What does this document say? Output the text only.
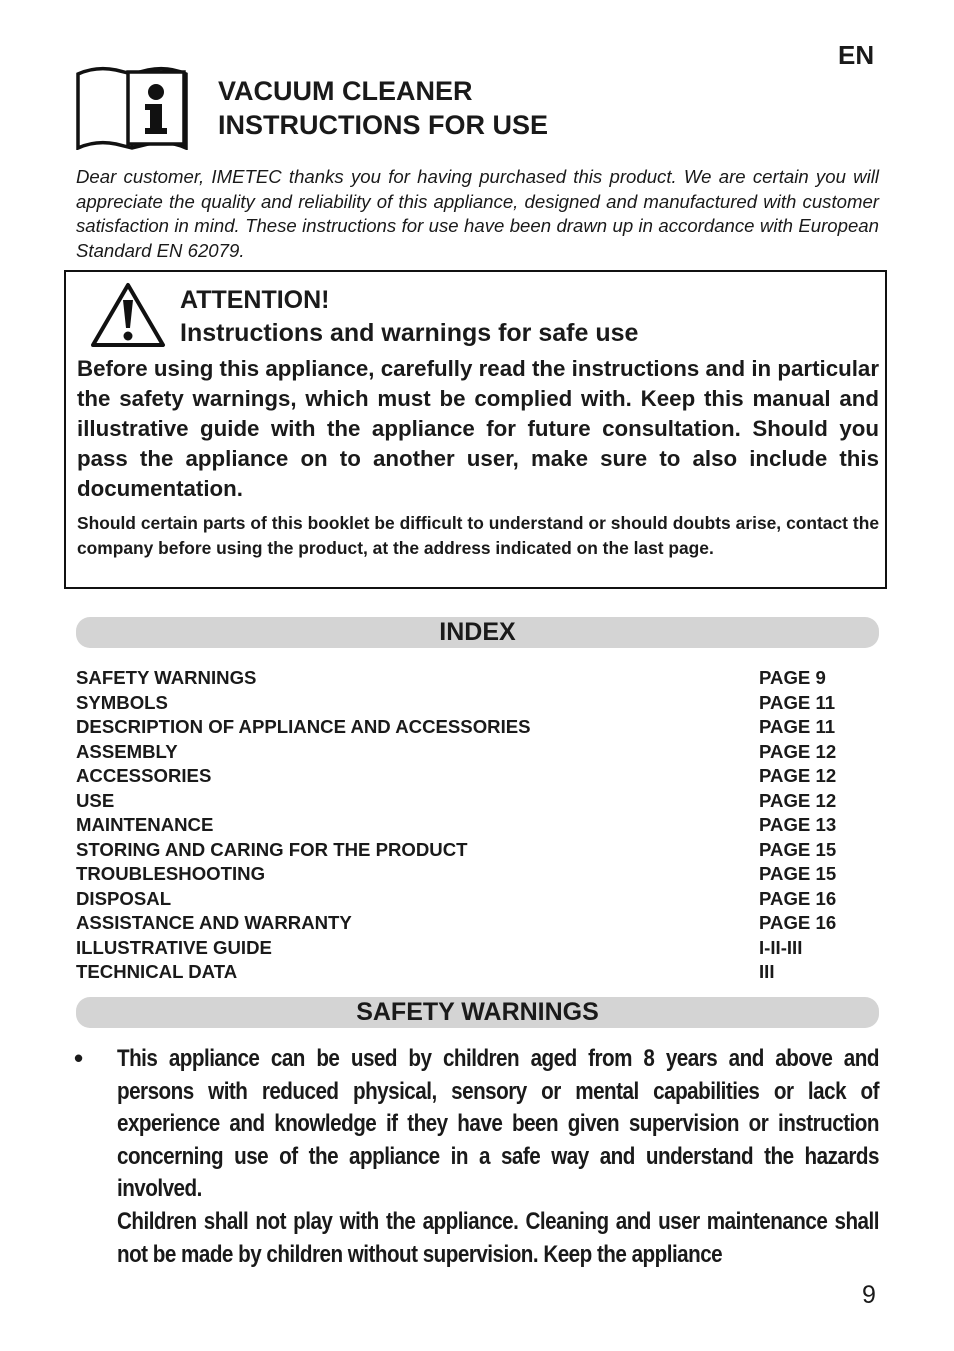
EN
VACUUM CLEANER
INSTRUCTIONS FOR USE
Dear customer, IMETEC thanks you for having purchased this product. We are certain you will appreciate the quality and reliability of this appliance, designed and manufactured with customer satisfaction in mind. These instructions for use have been drawn up in accordance with European Standard EN 62079.
ATTENTION!
Instructions and warnings for safe use

Before using this appliance, carefully read the instructions and in particular the safety warnings, which must be complied with. Keep this manual and illustrative guide with the appliance for future consultation. Should you pass the appliance on to another user, make sure to also include this documentation.

Should certain parts of this booklet be difficult to understand or should doubts arise, contact the company before using the product, at the address indicated on the last page.
INDEX
SAFETY WARNINGS	PAGE 9
SYMBOLS	PAGE 11
DESCRIPTION OF APPLIANCE AND ACCESSORIES	PAGE 11
ASSEMBLY	PAGE 12
ACCESSORIES	PAGE 12
USE	PAGE 12
MAINTENANCE	PAGE 13
STORING AND CARING FOR THE PRODUCT	PAGE 15
TROUBLESHOOTING	PAGE 15
DISPOSAL	PAGE 16
ASSISTANCE AND WARRANTY	PAGE 16
ILLUSTRATIVE GUIDE	I-II-III
TECHNICAL DATA	III
SAFETY WARNINGS
• This appliance can be used by children aged from 8 years and above and persons with reduced physical, sensory or mental capabilities or lack of experience and knowledge if they have been given supervision or instruction concerning use of the appliance in a safe way and understand the hazards involved.

Children shall not play with the appliance. Cleaning and user maintenance shall not be made by children without supervision. Keep the appliance

9
